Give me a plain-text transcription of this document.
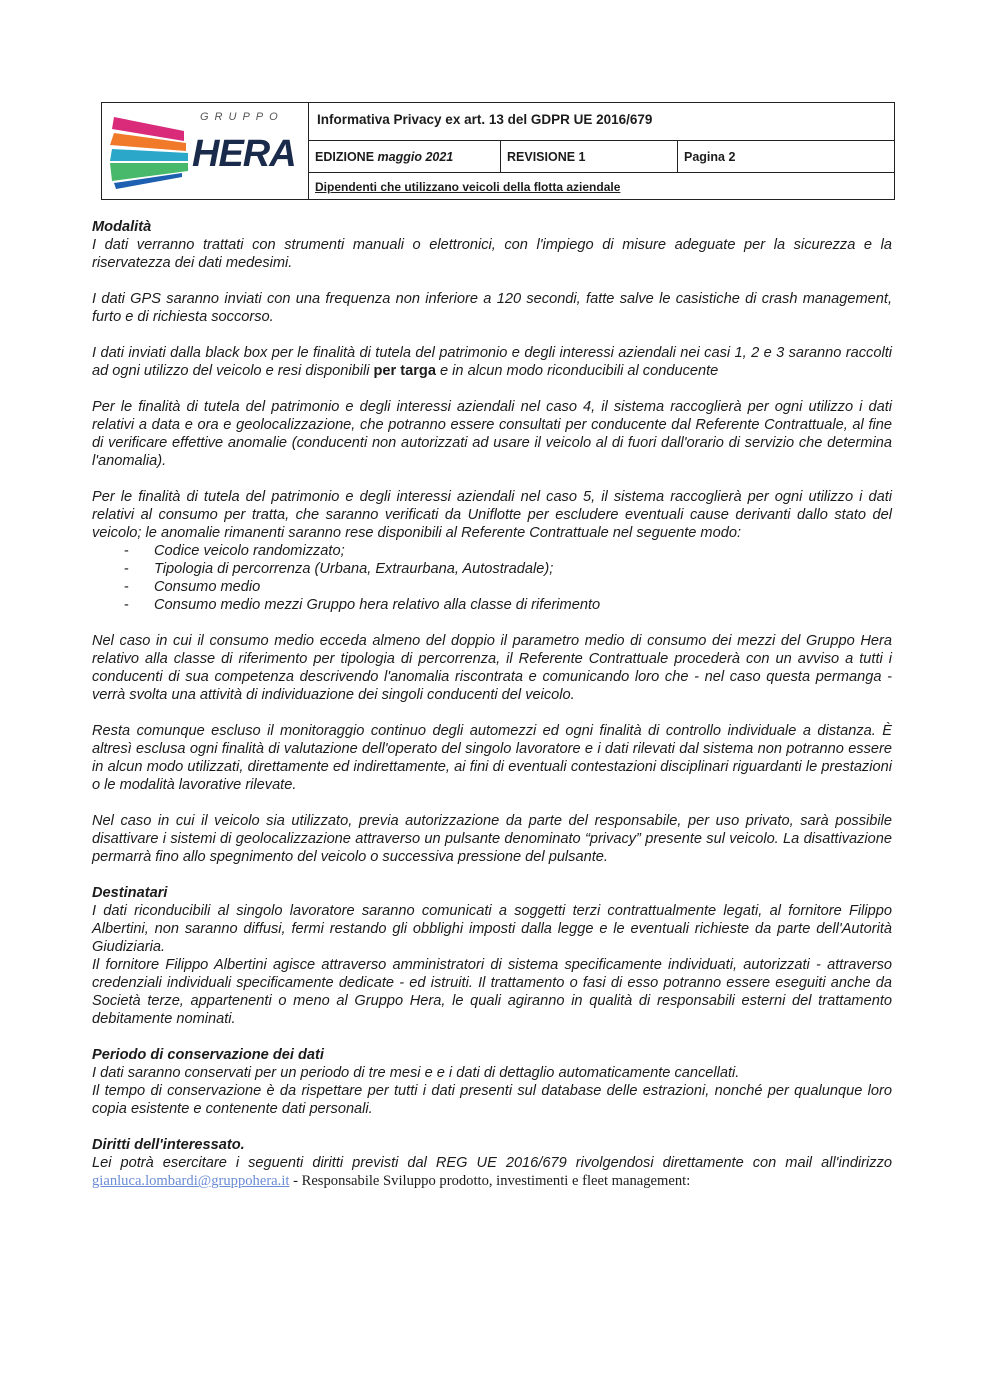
GRUPPO
HERA
Informativa Privacy ex art. 13 del GDPR UE 2016/679
EDIZIONE maggio 2021	REVISIONE 1	Pagina 2
Dipendenti che utilizzano veicoli della flotta aziendale
Modalità

I dati verranno trattati con strumenti manuali o elettronici, con l'impiego di misure adeguate per la sicurezza e la riservatezza dei dati medesimi.

I dati GPS saranno inviati con una frequenza non inferiore a 120 secondi, fatte salve le casistiche di crash management, furto e di richiesta soccorso.

I dati inviati dalla black box per le finalità di tutela del patrimonio e degli interessi aziendali nei casi 1, 2 e 3 saranno raccolti ad ogni utilizzo del veicolo e resi disponibili per targa e in alcun modo riconducibili al conducente

Per le finalità di tutela del patrimonio e degli interessi aziendali nel caso 4, il sistema raccoglierà per ogni utilizzo i dati relativi a data e ora e geolocalizzazione, che potranno essere consultati per conducente dal Referente Contrattuale, al fine di verificare effettive anomalie (conducenti non autorizzati ad usare il veicolo al di fuori dall'orario di servizio che determina l'anomalia).

Per le finalità di tutela del patrimonio e degli interessi aziendali nel caso 5, il sistema raccoglierà per ogni utilizzo i dati relativi al consumo per tratta, che saranno verificati da Uniflotte per escludere eventuali cause derivanti dallo stato del veicolo; le anomalie rimanenti saranno rese disponibili al Referente Contrattuale nel seguente modo:

- Codice veicolo randomizzato;
- Tipologia di percorrenza (Urbana, Extraurbana, Autostradale);
- Consumo medio
- Consumo medio mezzi Gruppo hera relativo alla classe di riferimento

Nel caso in cui il consumo medio ecceda almeno del doppio il parametro medio di consumo dei mezzi del Gruppo Hera relativo alla classe di riferimento per tipologia di percorrenza, il Referente Contrattuale procederà con un avviso a tutti i conducenti di sua competenza descrivendo l'anomalia riscontrata e comunicando loro che - nel caso questa permanga - verrà svolta una attività di individuazione dei singoli conducenti del veicolo.

Resta comunque escluso il monitoraggio continuo degli automezzi ed ogni finalità di controllo individuale a distanza. È altresì esclusa ogni finalità di valutazione dell'operato del singolo lavoratore e i dati rilevati dal sistema non potranno essere in alcun modo utilizzati, direttamente ed indirettamente, ai fini di eventuali contestazioni disciplinari riguardanti le prestazioni o le modalità lavorative rilevate.

Nel caso in cui il veicolo sia utilizzato, previa autorizzazione da parte del responsabile, per uso privato, sarà possibile disattivare i sistemi di geolocalizzazione attraverso un pulsante denominato “privacy” presente sul veicolo. La disattivazione permarrà fino allo spegnimento del veicolo o successiva pressione del pulsante.

Destinatari

I dati riconducibili al singolo lavoratore saranno comunicati a soggetti terzi contrattualmente legati, al fornitore Filippo Albertini, non saranno diffusi, fermi restando gli obblighi imposti dalla legge e le eventuali richieste da parte dell'Autorità Giudiziaria.

Il fornitore Filippo Albertini agisce attraverso amministratori di sistema specificamente individuati, autorizzati - attraverso credenziali individuali specificamente dedicate - ed istruiti. Il trattamento o fasi di esso potranno essere eseguiti anche da Società terze, appartenenti o meno al Gruppo Hera, le quali agiranno in qualità di responsabili esterni del trattamento debitamente nominati.

Periodo di conservazione dei dati

I dati saranno conservati per un periodo di tre mesi e e i dati di dettaglio automaticamente cancellati.

Il tempo di conservazione è da rispettare per tutti i dati presenti sul database delle estrazioni, nonché per qualunque loro copia esistente e contenente dati personali.

Diritti dell'interessato.

Lei potrà esercitare i seguenti diritti previsti dal REG UE 2016/679 rivolgendosi direttamente con mail all'indirizzo gianluca.lombardi@gruppohera.it - Responsabile Sviluppo prodotto, investimenti e fleet management:
